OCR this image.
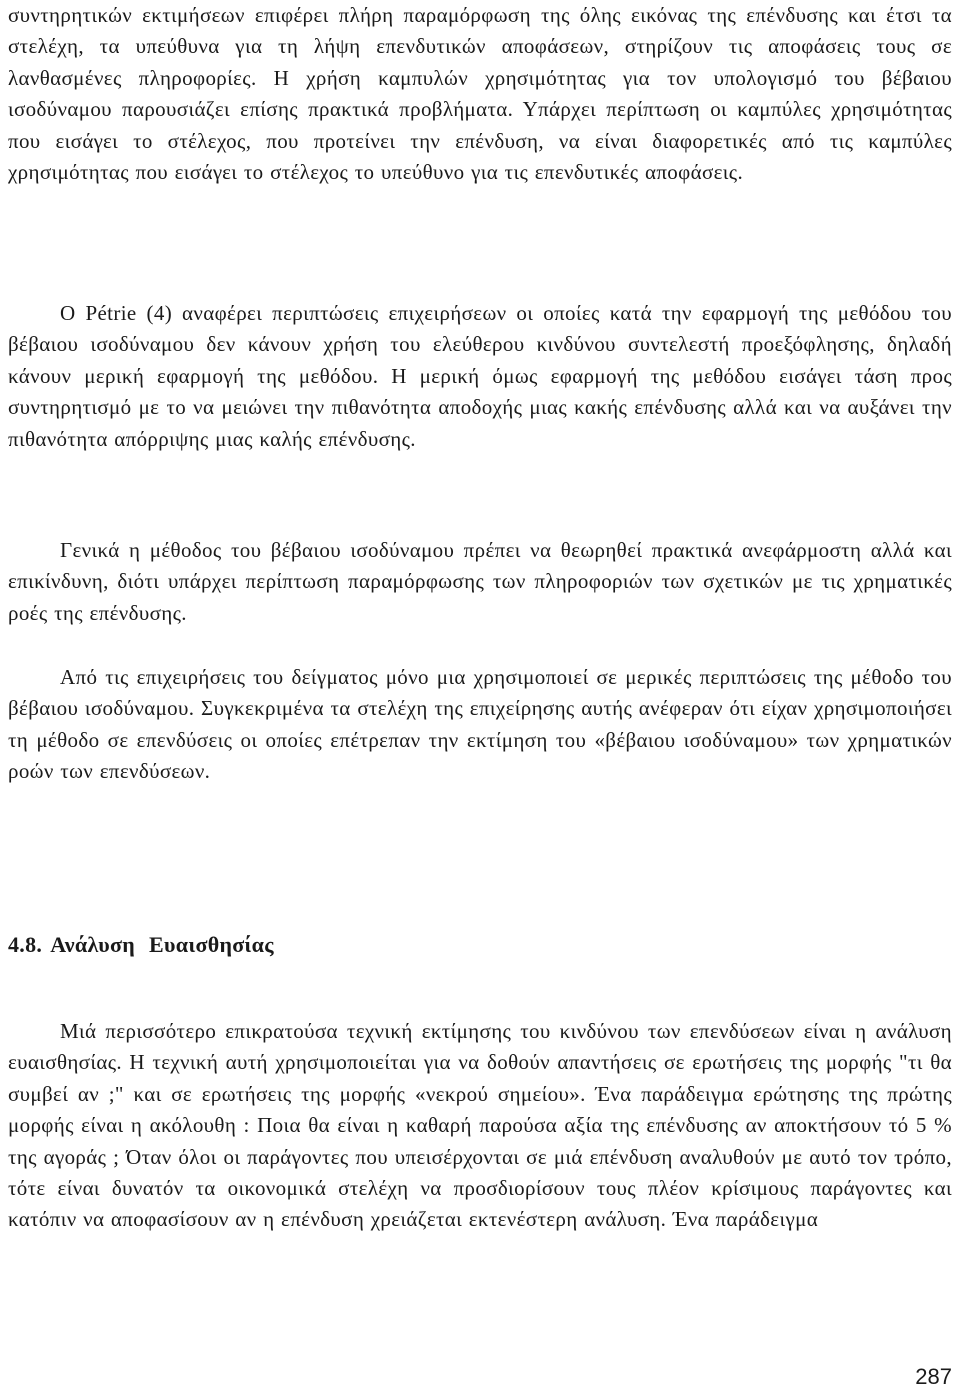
συντηρητικών εκτιμήσεων επιφέρει πλήρη παραμόρφωση της όλης εικόνας της επένδυσης και έτσι τα στελέχη, τα υπεύθυνα για τη λήψη επενδυτικών αποφάσεων, στηρίζουν τις αποφάσεις τους σε λανθασμένες πληροφορίες. Η χρήση καμπυλών χρησιμότητας για τον υπολογισμό του βέβαιου ισοδύναμου παρουσιάζει επίσης πρακτικά προβλήματα. Υπάρχει περίπτωση οι καμπύλες χρησιμότητας που εισάγει το στέλεχος, που προτείνει την επένδυση, να είναι διαφορετικές από τις καμπύλες χρησιμότητας που εισάγει το στέλεχος το υπεύθυνο για τις επενδυτικές αποφάσεις.

Ο Pétrie (4) αναφέρει περιπτώσεις επιχειρήσεων οι οποίες κατά την εφαρμογή της μεθόδου του βέβαιου ισοδύναμου δεν κάνουν χρήση του ελεύθερου κινδύνου συντελεστή προεξόφλησης, δηλαδή κάνουν μερική εφαρμογή της μεθόδου. Η μερική όμως εφαρμογή της μεθόδου εισάγει τάση προς συντηρητισμό με το να μειώνει την πιθανότητα αποδοχής μιας κακής επένδυσης αλλά και να αυξάνει την πιθανότητα απόρριψης μιας καλής επένδυσης.

Γενικά η μέθοδος του βέβαιου ισοδύναμου πρέπει να θεωρηθεί πρακτικά ανεφάρμοστη αλλά και επικίνδυνη, διότι υπάρχει περίπτωση παραμόρφωσης των πληροφοριών των σχετικών με τις χρηματικές ροές της επένδυσης.

Από τις επιχειρήσεις του δείγματος μόνο μια χρησιμοποιεί σε μερικές περιπτώσεις της μέθοδο του βέβαιου ισοδύναμου. Συγκεκριμένα τα στελέχη της επιχείρησης αυτής ανέφεραν ότι είχαν χρησιμοποιήσει τη μέθοδο σε επενδύσεις οι οποίες επέτρεπαν την εκτίμηση του «βέβαιου ισοδύναμου» των χρηματικών ροών των επενδύσεων.

4.8. Ανάλυση Ευαισθησίας

Μιά περισσότερο επικρατούσα τεχνική εκτίμησης του κινδύνου των επενδύσεων είναι η ανάλυση ευαισθησίας. Η τεχνική αυτή χρησιμοποιείται για να δοθούν απαντήσεις σε ερωτήσεις της μορφής "τι θα συμβεί αν ;" και σε ερωτήσεις της μορφής «νεκρού σημείου». Ένα παράδειγμα ερώτησης της πρώτης μορφής είναι η ακόλουθη : Ποια θα είναι η καθαρή παρούσα αξία της επένδυσης αν αποκτήσουν τό 5 % της αγοράς ; Όταν όλοι οι παράγοντες που υπεισέρχονται σε μιά επένδυση αναλυθούν με αυτό τον τρόπο, τότε είναι δυνατόν τα οικονομικά στελέχη να προσδιορίσουν τους πλέον κρίσιμους παράγοντες και κατόπιν να αποφασίσουν αν η επένδυση χρειάζεται εκτενέστερη ανάλυση. Ένα παράδειγμα

287
